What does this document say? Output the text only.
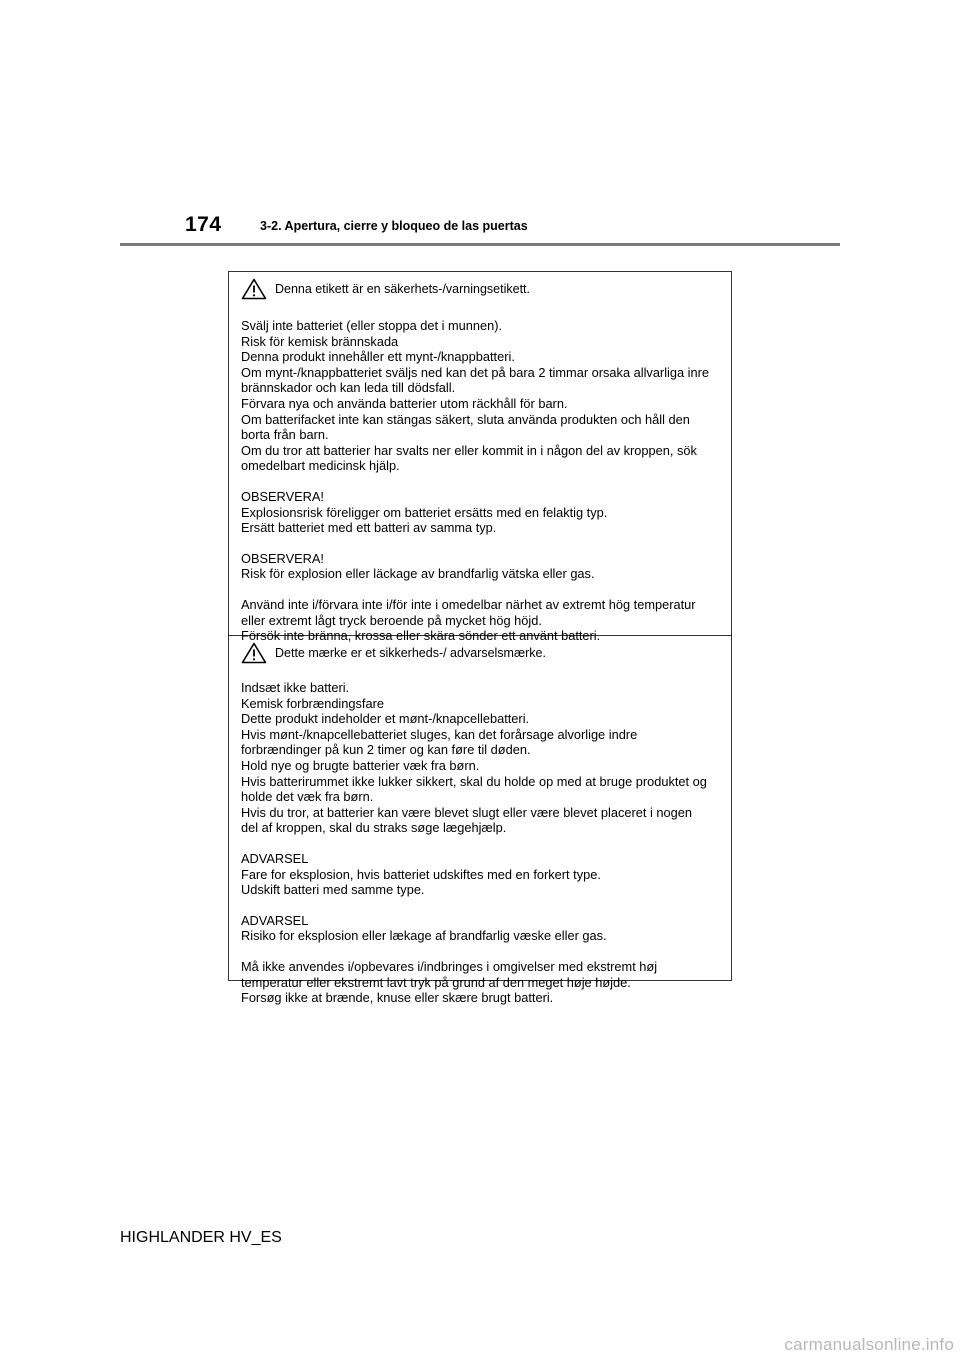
174	3-2. Apertura, cierre y bloqueo de las puertas
Denna etikett är en säkerhets-/varningsetikett.

Svälj inte batteriet (eller stoppa det i munnen).
Risk för kemisk brännskada
Denna produkt innehåller ett mynt-/knappbatteri.
Om mynt-/knappbatteriet sväljs ned kan det på bara 2 timmar orsaka allvarliga inre
brännskador och kan leda till dödsfall.
Förvara nya och använda batterier utom räckhåll för barn.
Om batterifacket inte kan stängas säkert, sluta använda produkten och håll den
borta från barn.
Om du tror att batterier har svalts ner eller kommit in i någon del av kroppen, sök
omedelbart medicinsk hjälp.

OBSERVERA!
Explosionsrisk föreligger om batteriet ersätts med en felaktig typ.
Ersätt batteriet med ett batteri av samma typ.

OBSERVERA!
Risk för explosion eller läckage av brandfarlig vätska eller gas.

Använd inte i/förvara inte i/för inte i omedelbar närhet av extremt hög temperatur
eller extremt lågt tryck beroende på mycket hög höjd.
Försök inte bränna, krossa eller skära sönder ett använt batteri.

Dette mærke er et sikkerheds-/ advarselsmærke.

Indsæt ikke batteri.
Kemisk forbrændingsfare
Dette produkt indeholder et mønt-/knapcellebatteri.
Hvis mønt-/knapcellebatteriet sluges, kan det forårsage alvorlige indre
forbrændinger på kun 2 timer og kan føre til døden.
Hold nye og brugte batterier væk fra børn.
Hvis batterirummet ikke lukker sikkert, skal du holde op med at bruge produktet og
holde det væk fra børn.
Hvis du tror, at batterier kan være blevet slugt eller være blevet placeret i nogen
del af kroppen, skal du straks søge lægehjælp.

ADVARSEL
Fare for eksplosion, hvis batteriet udskiftes med en forkert type.
Udskift batteri med samme type.

ADVARSEL
Risiko for eksplosion eller lækage af brandfarlig væske eller gas.

Må ikke anvendes i/opbevares i/indbringes i omgivelser med ekstremt høj
temperatur eller ekstremt lavt tryk på grund af den meget høje højde.
Forsøg ikke at brænde, knuse eller skære brugt batteri.

HIGHLANDER HV_ES
carmanualsonline.info
